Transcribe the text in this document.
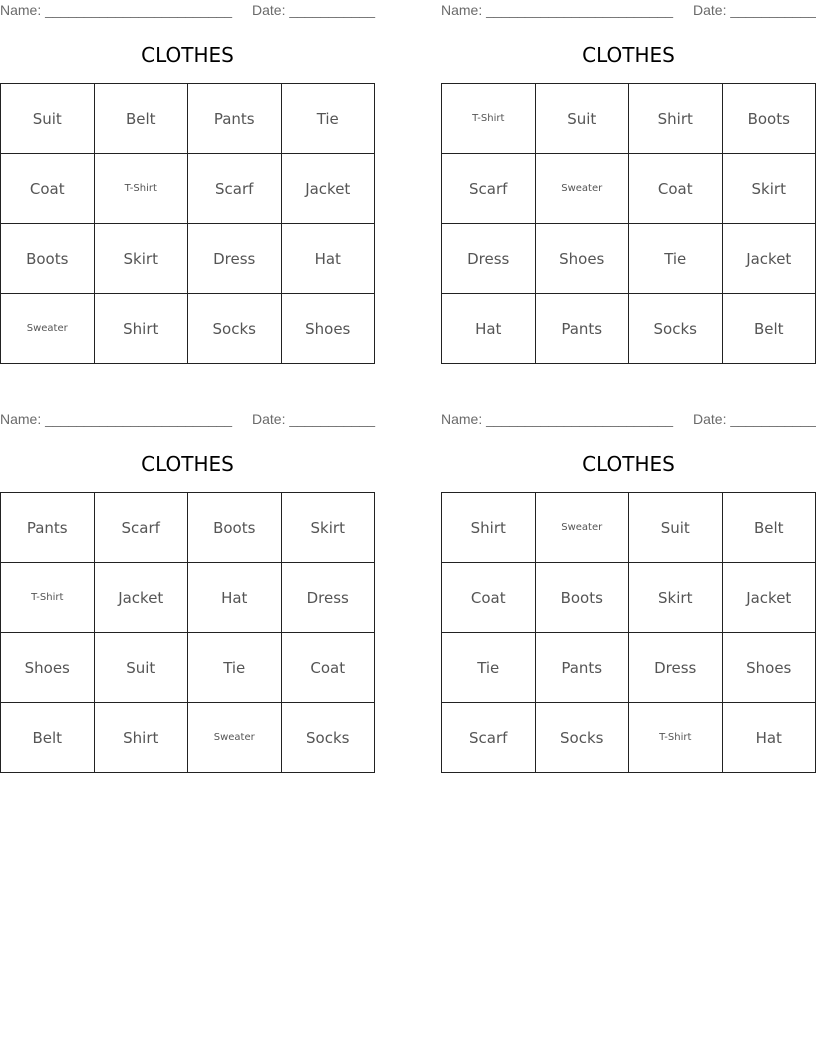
Name: ________________________ Date: ___________
CLOTHES
Suit	Belt	Pants	Tie
Coat	T-Shirt	Scarf	Jacket
Boots	Skirt	Dress	Hat
Sweater	Shirt	Socks	Shoes
Name: ________________________ Date: ___________
CLOTHES
T-Shirt	Suit	Shirt	Boots
Scarf	Sweater	Coat	Skirt
Dress	Shoes	Tie	Jacket
Hat	Pants	Socks	Belt
Name: ________________________ Date: ___________
CLOTHES
Pants	Scarf	Boots	Skirt
T-Shirt	Jacket	Hat	Dress
Shoes	Suit	Tie	Coat
Belt	Shirt	Sweater	Socks
Name: ________________________ Date: ___________
CLOTHES
Shirt	Sweater	Suit	Belt
Coat	Boots	Skirt	Jacket
Tie	Pants	Dress	Shoes
Scarf	Socks	T-Shirt	Hat
